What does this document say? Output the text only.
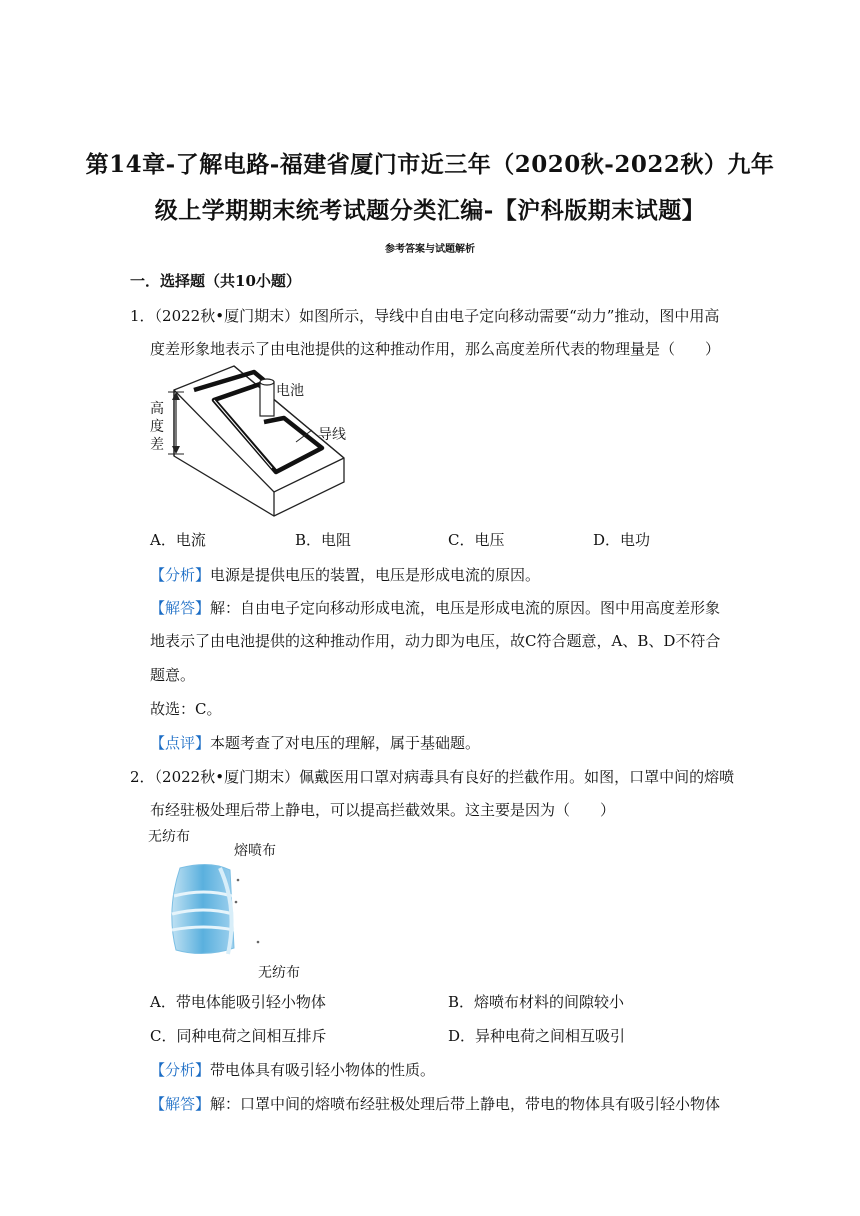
第14章-了解电路-福建省厦门市近三年（2020秋-2022秋）九年
级上学期期末统考试题分类汇编-【沪科版期末试题】
参考答案与试题解析
一．选择题（共10小题）
1．（2022秋•厦门期末）如图所示，导线中自由电子定向移动需要“动力”推动，图中用高
度差形象地表示了由电池提供的这种推动作用，那么高度差所代表的物理量是（　　）
电池
导线
高
度
差
A．电流	B．电阻	C．电压	D．电功
【分析】电源是提供电压的装置，电压是形成电流的原因。
【解答】解：自由电子定向移动形成电流，电压是形成电流的原因。图中用高度差形象
地表示了由电池提供的这种推动作用，动力即为电压，故C符合题意，A、B、D不符合
题意。
故选：C。
【点评】本题考查了对电压的理解，属于基础题。
2．（2022秋•厦门期末）佩戴医用口罩对病毒具有良好的拦截作用。如图，口罩中间的熔喷
布经驻极处理后带上静电，可以提高拦截效果。这主要是因为（　　）
无纺布
熔喷布
无纺布
A．带电体能吸引轻小物体	B．熔喷布材料的间隙较小
C．同种电荷之间相互排斥	D．异种电荷之间相互吸引
【分析】带电体具有吸引轻小物体的性质。
【解答】解：口罩中间的熔喷布经驻极处理后带上静电，带电的物体具有吸引轻小物体
